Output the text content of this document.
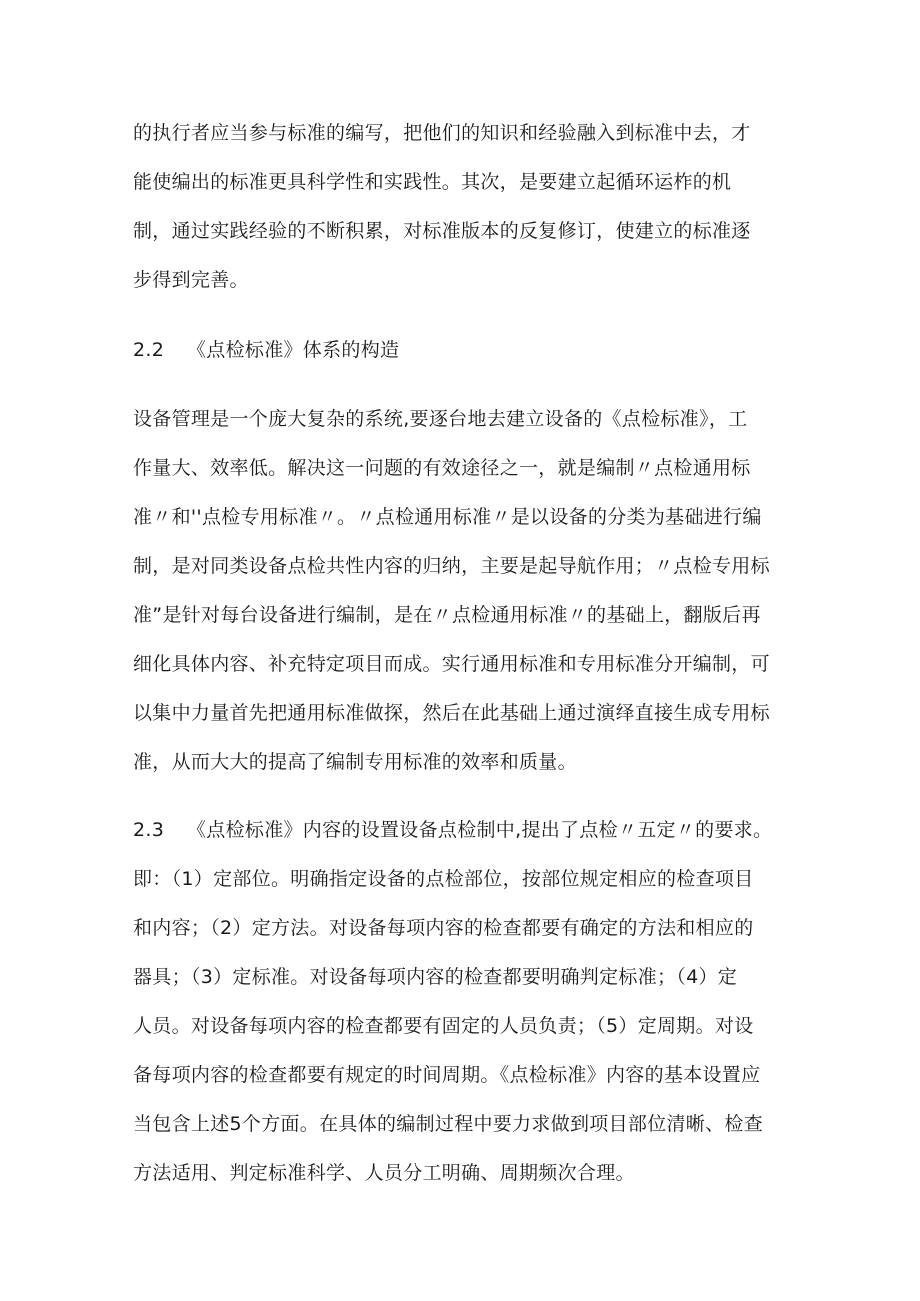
的执行者应当参与标准的编写，把他们的知识和经验融入到标准中去，才
能使编出的标准更具科学性和实践性。其次，是要建立起循环运柞的机
制，通过实践经验的不断积累，对标准版本的反复修订，使建立的标准逐
步得到完善。
2.2 《点检标准》体系的构造
设备管理是一个庞大复杂的系统,要逐台地去建立设备的《点检标准》，工
作量大、效率低。解决这一问题的有效途径之一，就是编制〃点检通用标
准〃和''点检专用标准〃。〃点检通用标准〃是以设备的分类为基础进行编
制，是对同类设备点检共性内容的归纳，主要是起导航作用；〃点检专用标
准”是针对每台设备进行编制，是在〃点检通用标准〃的基础上，翻版后再
细化具体内容、补充特定项目而成。实行通用标准和专用标准分开编制，可
以集中力量首先把通用标准做探，然后在此基础上通过演绎直接生成专用标
准，从而大大的提高了编制专用标准的效率和质量。
2.3 《点检标准》内容的设置设备点检制中,提出了点检〃五定〃的要求。
即：（1）定部位。明确指定设备的点检部位，按部位规定相应的检查项目
和内容；（2）定方法。对设备每项内容的检查都要有确定的方法和相应的
器具；（3）定标准。对设备每项内容的检查都要明确判定标准；（4）定
人员。对设备每项内容的检查都要有固定的人员负责；（5）定周期。对设
备每项内容的检查都要有规定的时间周期。《点检标准》内容的基本设置应
当包含上述5个方面。在具体的编制过程中要力求做到项目部位清晰、检查
方法适用、判定标准科学、人员分工明确、周期频次合理。
